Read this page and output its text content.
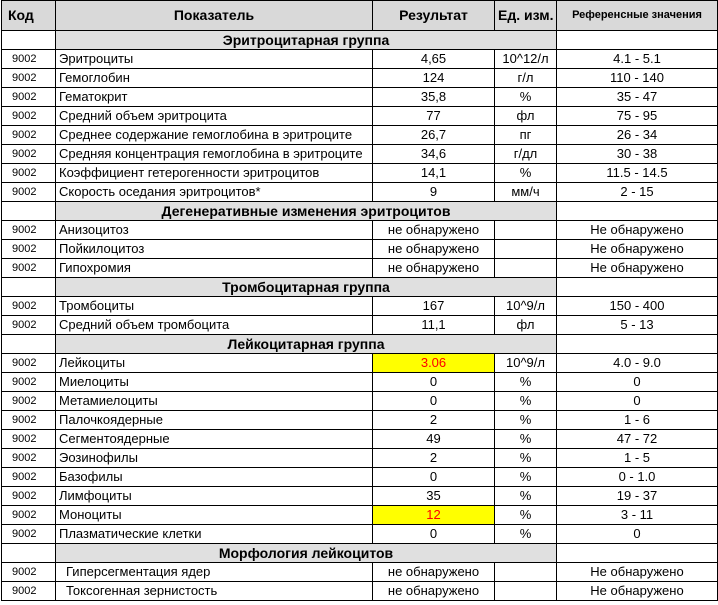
Код	Показатель	Результат	Ед. изм.	Референсные значения
	Эритроцитарная группа			
9002	Эритроциты	4,65	10^12/л	4.1 - 5.1
9002	Гемоглобин	124	г/л	110 - 140
9002	Гематокрит	35,8	%	35 - 47
9002	Средний объем эритроцита	77	фл	75 - 95
9002	Среднее содержание гемоглобина в эритроците	26,7	пг	26 - 34
9002	Средняя концентрация гемоглобина в эритроците	34,6	г/дл	30 - 38
9002	Коэффициент гетерогенности эритроцитов	14,1	%	11.5 - 14.5
9002	Скорость оседания эритроцитов*	9	мм/ч	2 - 15
	Дегенеративные изменения эритроцитов			
9002	Анизоцитоз	не обнаружено		Не обнаружено
9002	Пойкилоцитоз	не обнаружено		Не обнаружено
9002	Гипохромия	не обнаружено		Не обнаружено
	Тромбоцитарная группа			
9002	Тромбоциты	167	10^9/л	150 - 400
9002	Средний объем тромбоцита	11,1	фл	5 - 13
	Лейкоцитарная группа			
9002	Лейкоциты	3.06	10^9/л	4.0 - 9.0
9002	Миелоциты	0	%	0
9002	Метамиелоциты	0	%	0
9002	Палочкоядерные	2	%	1 - 6
9002	Сегментоядерные	49	%	47 - 72
9002	Эозинофилы	2	%	1 - 5
9002	Базофилы	0	%	0 - 1.0
9002	Лимфоциты	35	%	19 - 37
9002	Моноциты	12	%	3 - 11
9002	Плазматические клетки	0	%	0
	Морфология лейкоцитов			
9002	Гиперсегментация ядер	не обнаружено		Не обнаружено
9002	Токсогенная зернистость	не обнаружено		Не обнаружено
